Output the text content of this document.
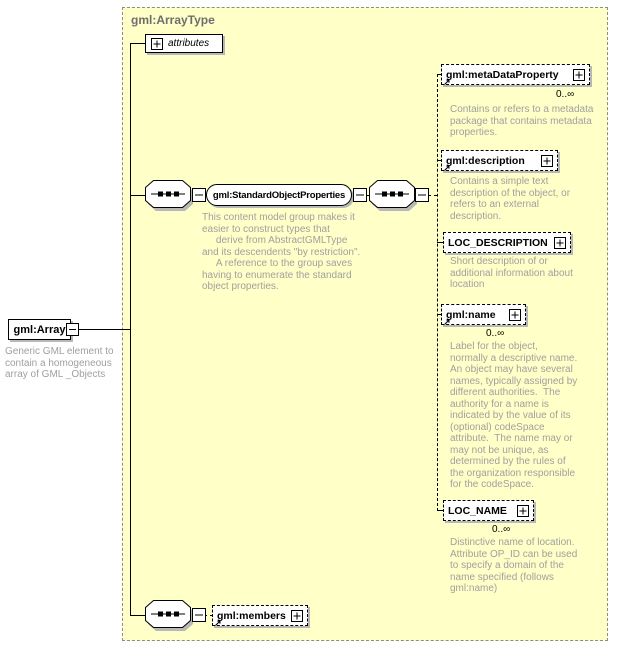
gml:ArrayType
attributes
gml:Array
Generic GML element to
contain a homogeneous
array of GML _Objects
gml:StandardObjectProperties
This content model group makes it
easier to construct types that
derive from AbstractGMLType
and its descendents "by restriction".
A reference to the group saves
having to enumerate the standard
object properties.
gml:metaDataProperty
↗
0..∞
Contains or refers to a metadata
package that contains metadata
properties.
gml:description
↗
Contains a simple text
description of the object, or
refers to an external
description.
LOC_DESCRIPTION
Short description of or
additional information about
location
gml:name
↗
0..∞
Label for the object,
normally a descriptive name.
An object may have several
names, typically assigned by
different authorities.  The
authority for a name is
indicated by the value of its
(optional) codeSpace
attribute.  The name may or
may not be unique, as
determined by the rules of
the organization responsible
for the codeSpace.
LOC_NAME
0..∞
Distinctive name of location.
Attribute OP_ID can be used
to specify a domain of the
name specified (follows
gml:name)
gml:members
↗
